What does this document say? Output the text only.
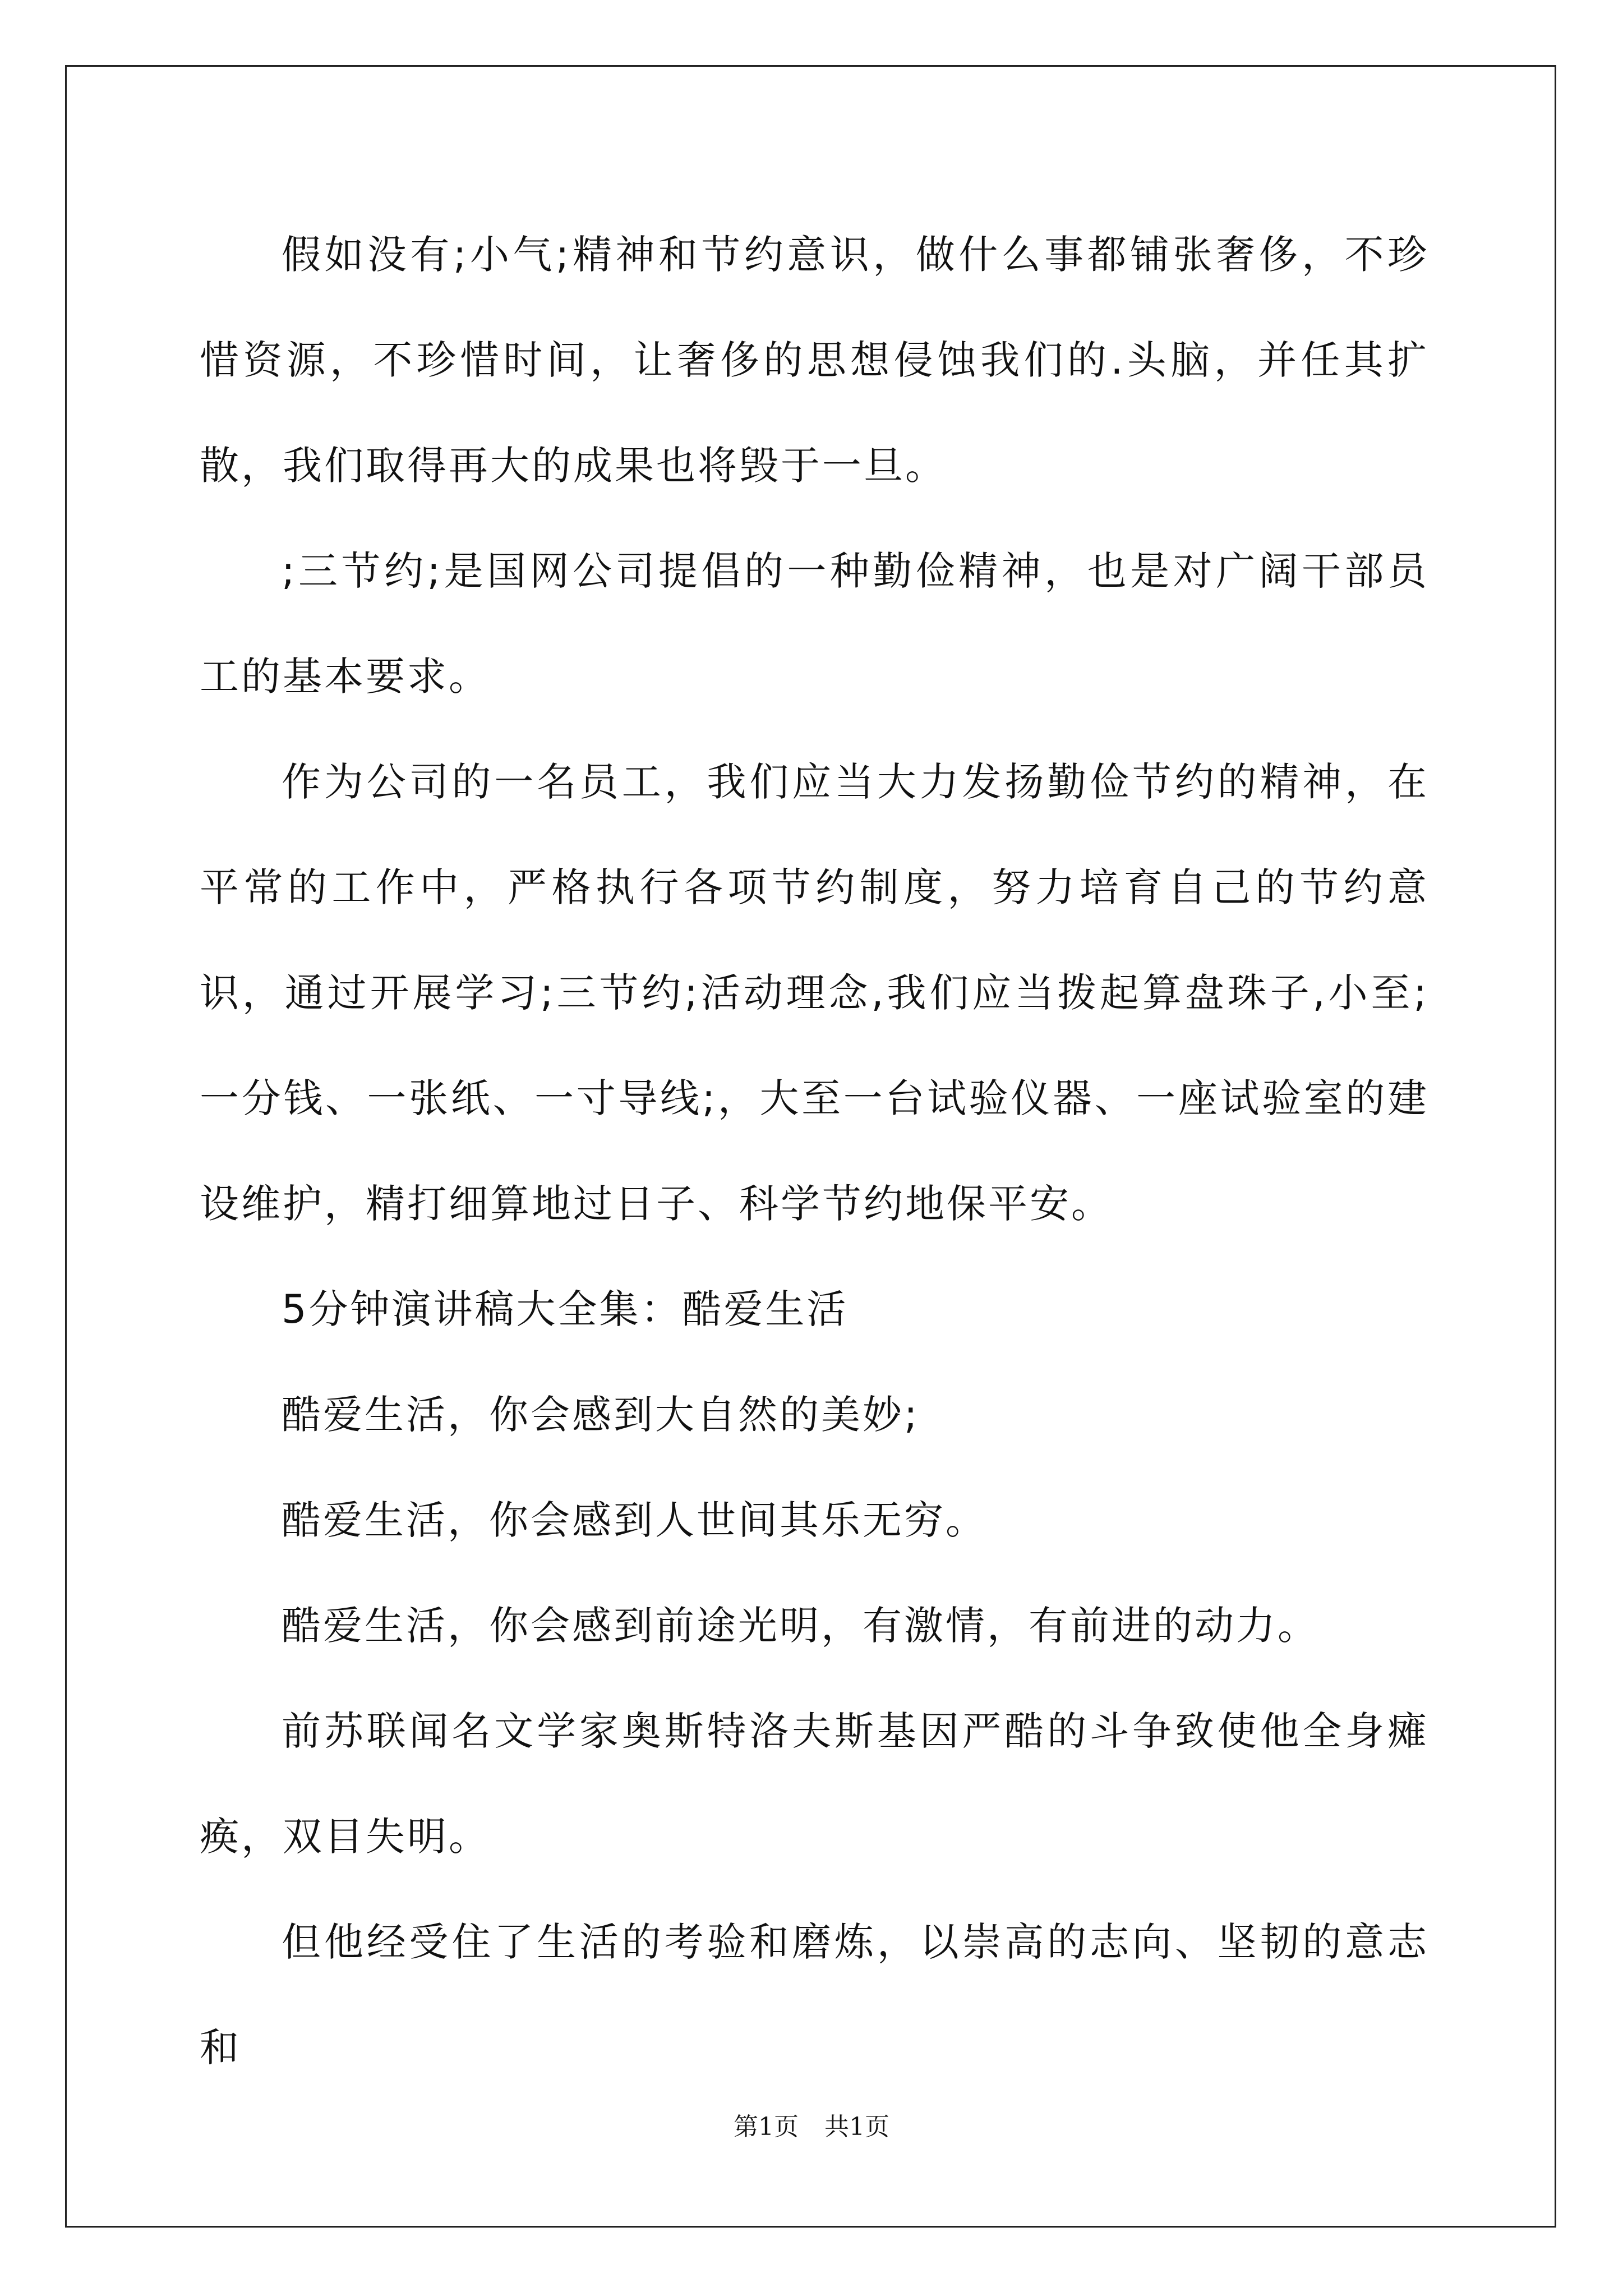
假如没有;小气;精神和节约意识，做什么事都铺张奢侈，不珍惜资源，不珍惜时间，让奢侈的思想侵蚀我们的.头脑，并任其扩散，我们取得再大的成果也将毁于一旦。

;三节约;是国网公司提倡的一种勤俭精神，也是对广阔干部员工的基本要求。

作为公司的一名员工，我们应当大力发扬勤俭节约的精神，在平常的工作中，严格执行各项节约制度，努力培育自己的节约意识，通过开展学习;三节约;活动理念,我们应当拨起算盘珠子,小至;一分钱、一张纸、一寸导线;，大至一台试验仪器、一座试验室的建设维护，精打细算地过日子、科学节约地保平安。

5分钟演讲稿大全集：酷爱生活

酷爱生活，你会感到大自然的美妙;

酷爱生活，你会感到人世间其乐无穷。

酷爱生活，你会感到前途光明，有激情，有前进的动力。

前苏联闻名文学家奥斯特洛夫斯基因严酷的斗争致使他全身瘫痪，双目失明。

但他经受住了生活的考验和磨炼，以崇高的志向、坚韧的意志和

第1页 共1页
